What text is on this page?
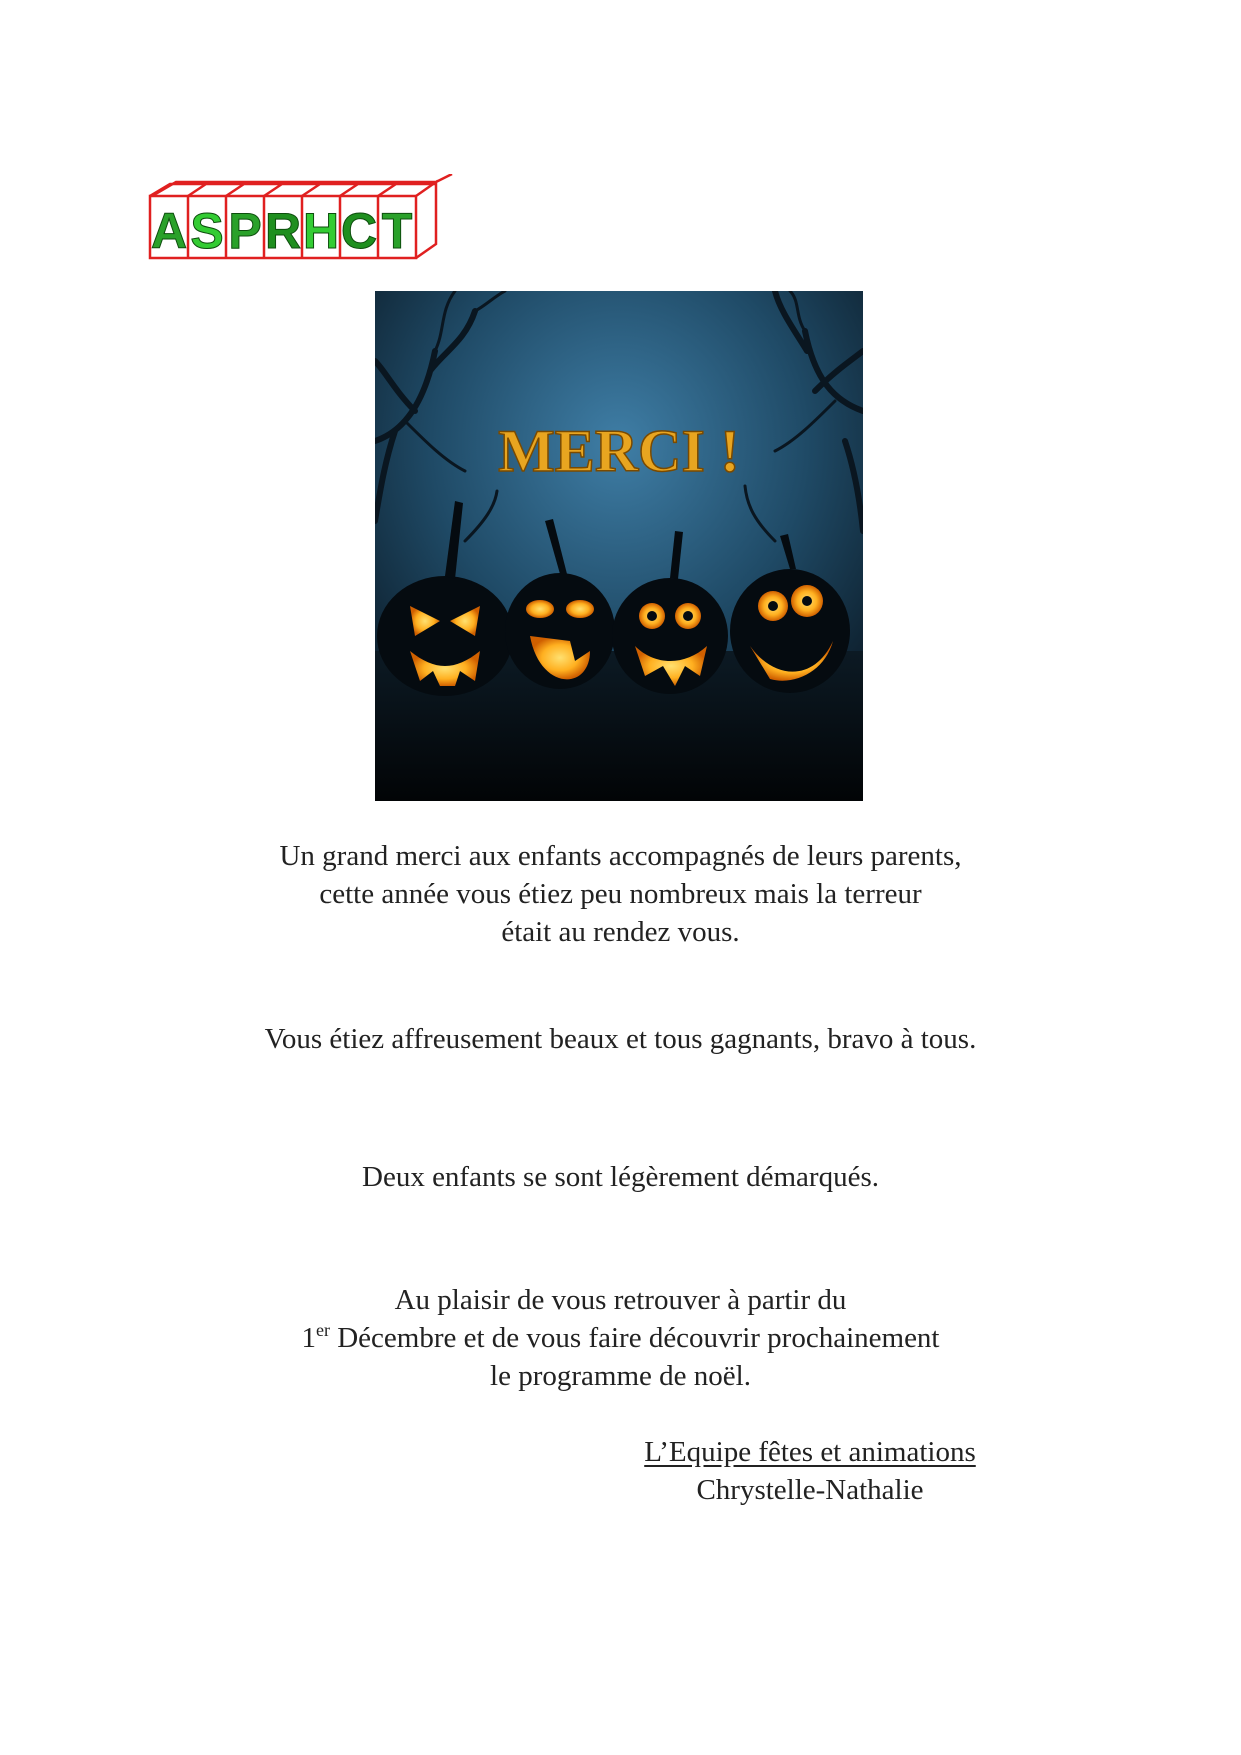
A S P R H C T
MERCI !
Un grand merci aux enfants accompagnés de leurs parents,
cette année vous étiez peu nombreux mais la terreur
était au rendez vous.
Vous étiez affreusement beaux et tous gagnants, bravo à tous.
Deux enfants se sont légèrement démarqués.
Au plaisir de vous retrouver à partir du
1er Décembre et de vous faire découvrir prochainement
le programme de noël.
L’Equipe fêtes et animations
Chrystelle-Nathalie
